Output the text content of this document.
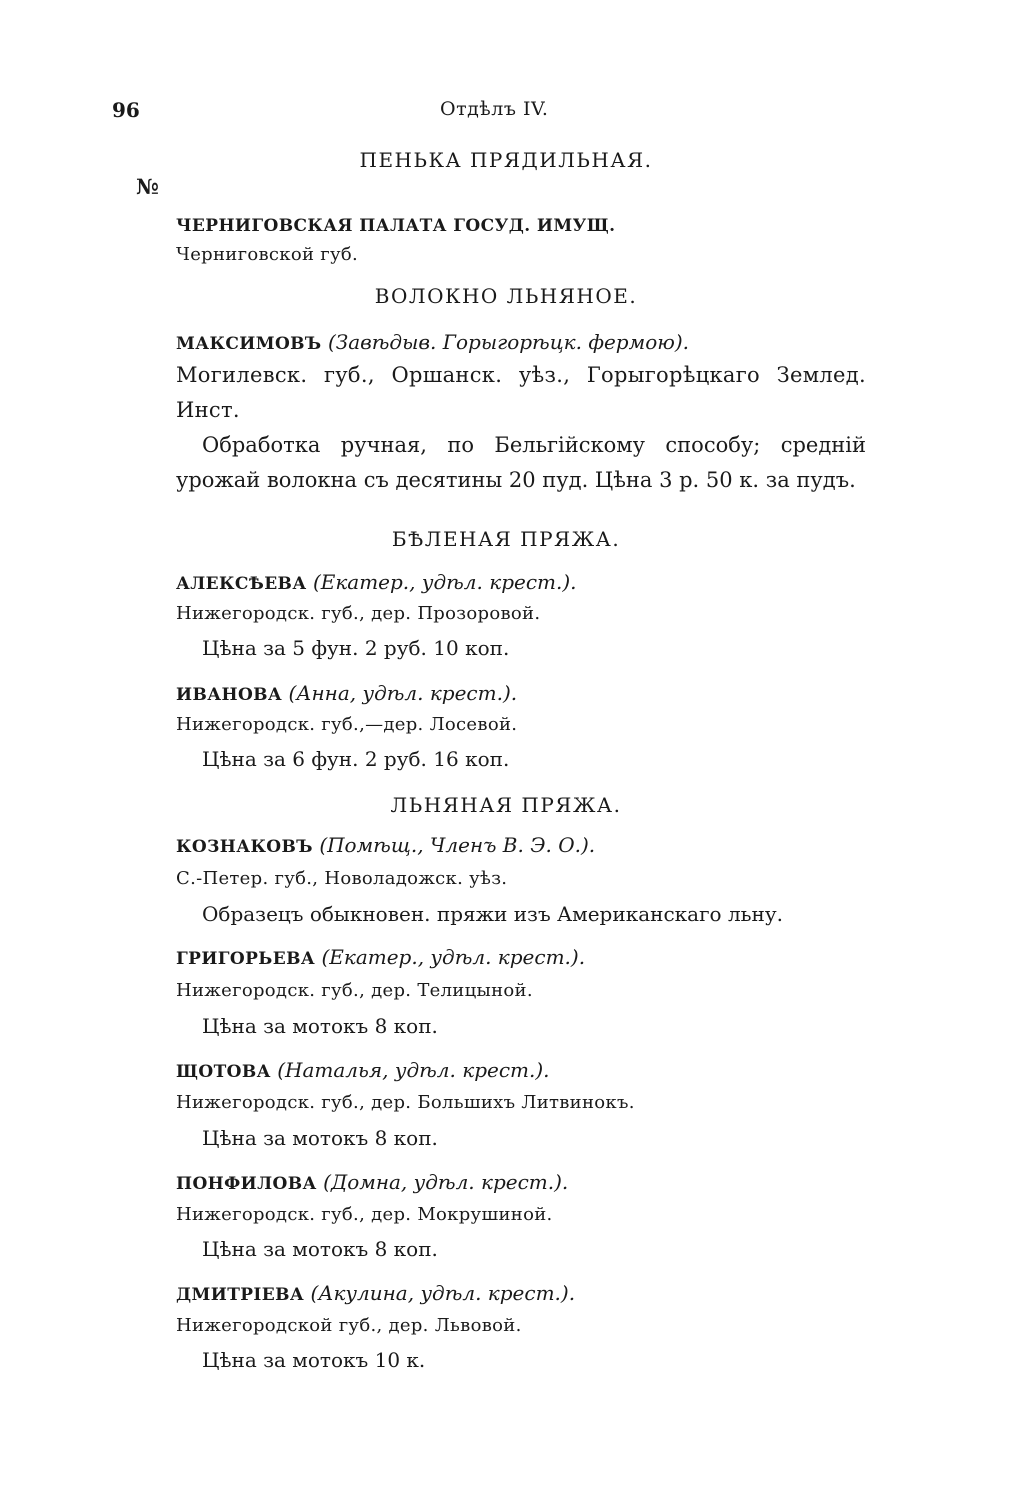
96	Отдѣлъ IV.
№
ПЕНЬКА ПРЯДИЛЬНАЯ.
ЧЕРНИГОВСКАЯ ПАЛАТА ГОСУД. ИМУЩ.
Черниговской губ.
ВОЛОКНО ЛЬНЯНОЕ.
МАКСИМОВЪ (Завѣдыв. Горыгорѣцк. фермою).
Могилевск. губ., Оршанск. уѣз., Горыгорѣцкаго Землед. Инст.
Обработка ручная, по Бельгійскому способу; средній урожай волокна съ десятины 20 пуд. Цѣна 3 р. 50 к. за пудъ.
БѢЛЕНАЯ ПРЯЖА.
АЛЕКСѢЕВА (Екатер., удѣл. крест.).
Нижегородск. губ., дер. Прозоровой.
Цѣна за 5 фун. 2 руб. 10 коп.
ИВАНОВА (Анна, удѣл. крест.).
Нижегородск. губ.,—дер. Лосевой.
Цѣна за 6 фун. 2 руб. 16 коп.
ЛЬНЯНАЯ ПРЯЖА.
КОЗНАКОВЪ (Помѣщ., Членъ В. Э. О.).
С.-Петер. губ., Новоладожск. уѣз.
Образецъ обыкновен. пряжи изъ Американскаго льну.
ГРИГОРЬЕВА (Екатер., удѣл. крест.).
Нижегородск. губ., дер. Телицыной.
Цѣна за мотокъ 8 коп.
ЩОТОВА (Наталья, удѣл. крест.).
Нижегородск. губ., дер. Большихъ Литвинокъ.
Цѣна за мотокъ 8 коп.
ПОНФИЛОВА (Домна, удѣл. крест.).
Нижегородск. губ., дер. Мокрушиной.
Цѣна за мотокъ 8 коп.
ДМИТРІЕВА (Акулина, удѣл. крест.).
Нижегородской губ., дер. Львовой.
Цѣна за мотокъ 10 к.
